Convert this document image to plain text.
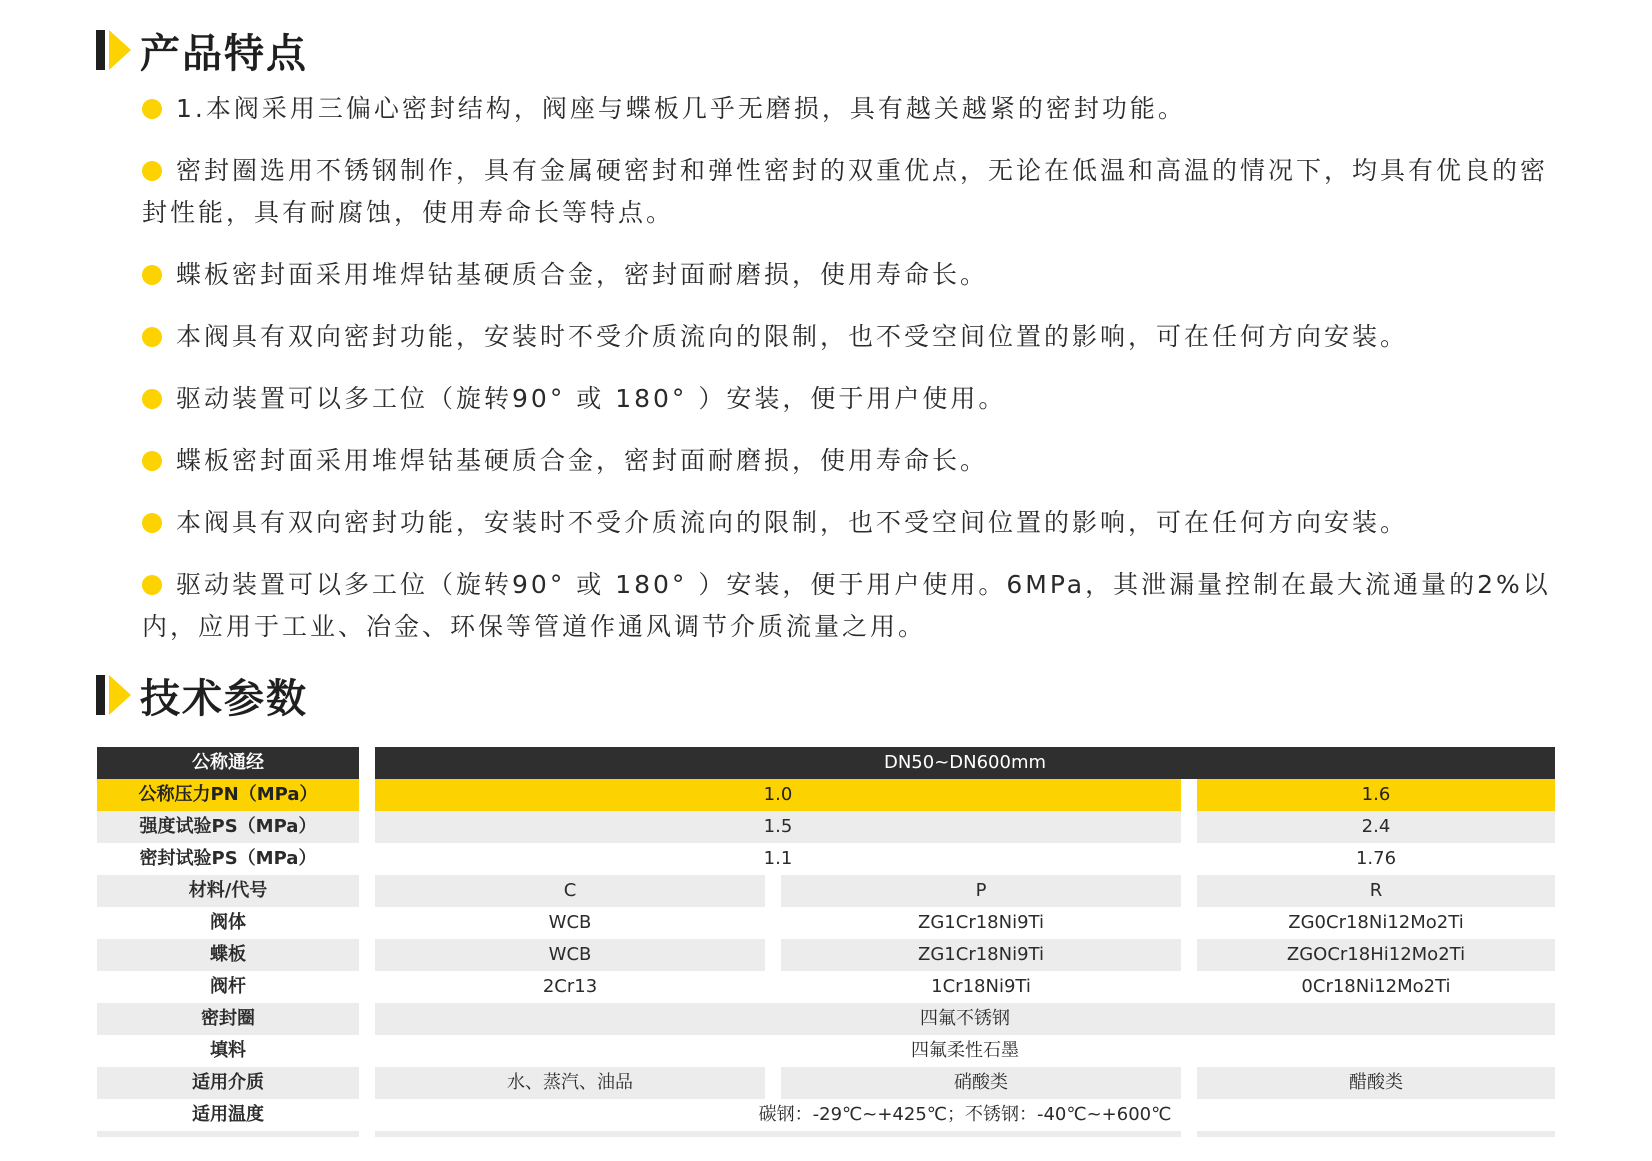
产品特点
1.本阀采用三偏心密封结构，阀座与蝶板几乎无磨损，具有越关越紧的密封功能。
密封圈选用不锈钢制作，具有金属硬密封和弹性密封的双重优点，无论在低温和高温的情况下，均具有优良的密封性能，具有耐腐蚀，使用寿命长等特点。
蝶板密封面采用堆焊钴基硬质合金，密封面耐磨损，使用寿命长。
本阀具有双向密封功能，安装时不受介质流向的限制，也不受空间位置的影响，可在任何方向安装。
驱动装置可以多工位（旋转90° 或 180° ）安装，便于用户使用。
蝶板密封面采用堆焊钴基硬质合金，密封面耐磨损，使用寿命长。
本阀具有双向密封功能，安装时不受介质流向的限制，也不受空间位置的影响，可在任何方向安装。
驱动装置可以多工位（旋转90° 或 180° ）安装，便于用户使用。6MPa，其泄漏量控制在最大流通量的2%以内，应用于工业、冶金、环保等管道作通风调节介质流量之用。
技术参数
公称通经	DN50~DN600mm
公称压力PN（MPa）	1.0	1.6
强度试验PS（MPa）	1.5	2.4
密封试验PS（MPa）	1.1	1.76
材料/代号	C	P	R
阀体	WCB	ZG1Cr18Ni9Ti	ZG0Cr18Ni12Mo2Ti
蝶板	WCB	ZG1Cr18Ni9Ti	ZGOCr18Hi12Mo2Ti
阀杆	2Cr13	1Cr18Ni9Ti	0Cr18Ni12Mo2Ti
密封圈	四氟不锈钢
填料	四氟柔性石墨
适用介质	水、蒸汽、油品	硝酸类	醋酸类
适用温度	碳钢：-29℃~+425℃；不锈钢：-40℃~+600℃
